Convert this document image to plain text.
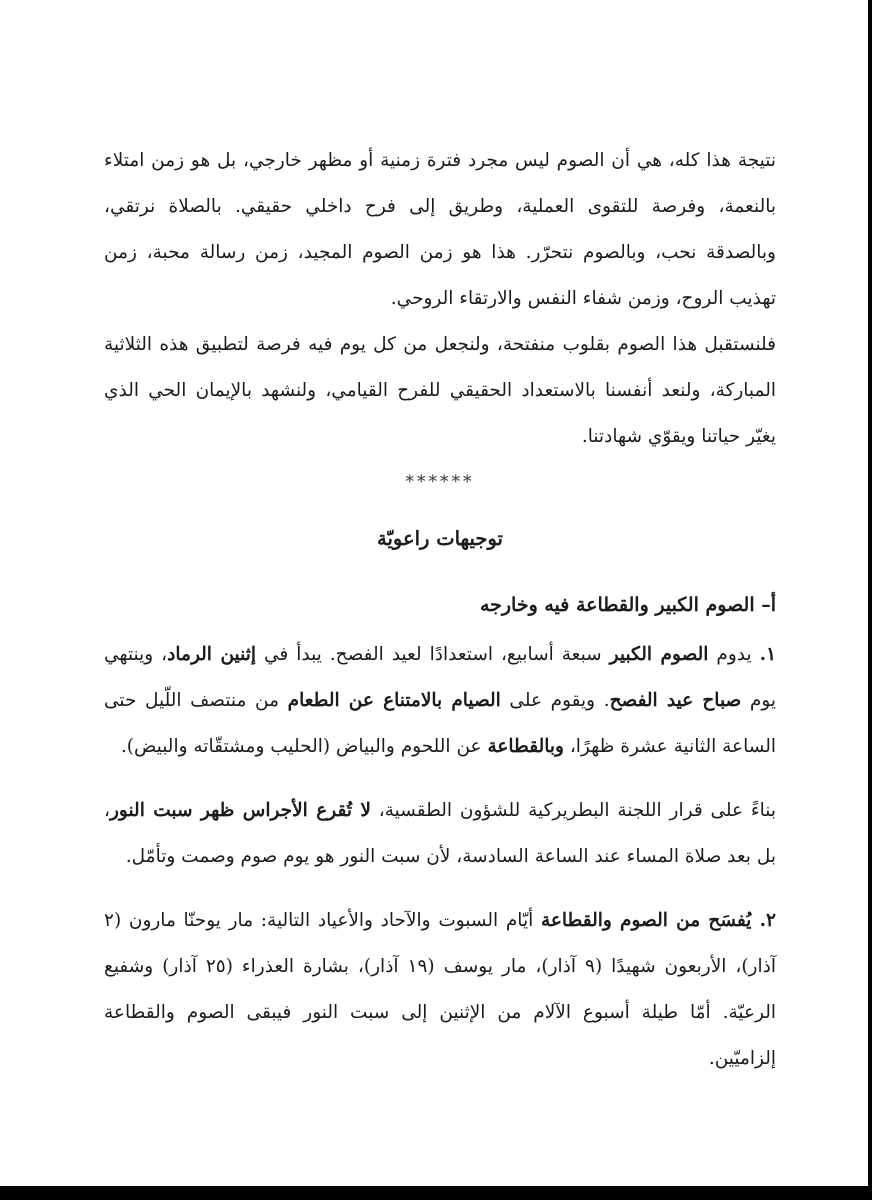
نتيجة هذا كله، هي أن الصوم ليس مجرد فترة زمنية أو مظهر خارجي، بل هو زمن امتلاء بالنعمة، وفرصة للتقوى العملية، وطريق إلى فرح داخلي حقيقي. بالصلاة نرتقي، وبالصدقة نحب، وبالصوم نتحرّر. هذا هو زمن الصوم المجيد، زمن رسالة محبة، زمن تهذيب الروح، وزمن شفاء النفس والارتقاء الروحي.

فلنستقبل هذا الصوم بقلوب منفتحة، ولنجعل من كل يوم فيه فرصة لتطبيق هذه الثلاثية المباركة، ولنعد أنفسنا بالاستعداد الحقيقي للفرح القيامي، ولنشهد بالإيمان الحي الذي يغيّر حياتنا ويقوّي شهادتنا.

******

توجيهات راعويّة

أ– الصوم الكبير والقطاعة فيه وخارجه

١. يدوم الصوم الكبير سبعة أسابيع، استعدادًا لعيد الفصح. يبدأ في إثنين الرماد، وينتهي يوم صباح عيد الفصح. ويقوم على الصيام بالامتناع عن الطعام من منتصف اللّيل حتى الساعة الثانية عشرة ظهرًا، وبالقطاعة عن اللحوم والبياض (الحليب ومشتقّاته والبيض).

بناءً على قرار اللجنة البطريركية للشؤون الطقسية، لا تُقرع الأجراس ظهر سبت النور، بل بعد صلاة المساء عند الساعة السادسة، لأن سبت النور هو يوم صوم وصمت وتأمّل.

٢. يُفسَح من الصوم والقطاعة أيّام السبوت والآحاد والأعياد التالية: مار يوحنّا مارون (٢ آذار)، الأربعون شهيدًا (٩ آذار)، مار يوسف (١٩ آذار)، بشارة العذراء (٢٥ آذار) وشفيع الرعيّة. أمّا طيلة أسبوع الآلام من الإثنين إلى سبت النور فيبقى الصوم والقطاعة إلزاميّين.
